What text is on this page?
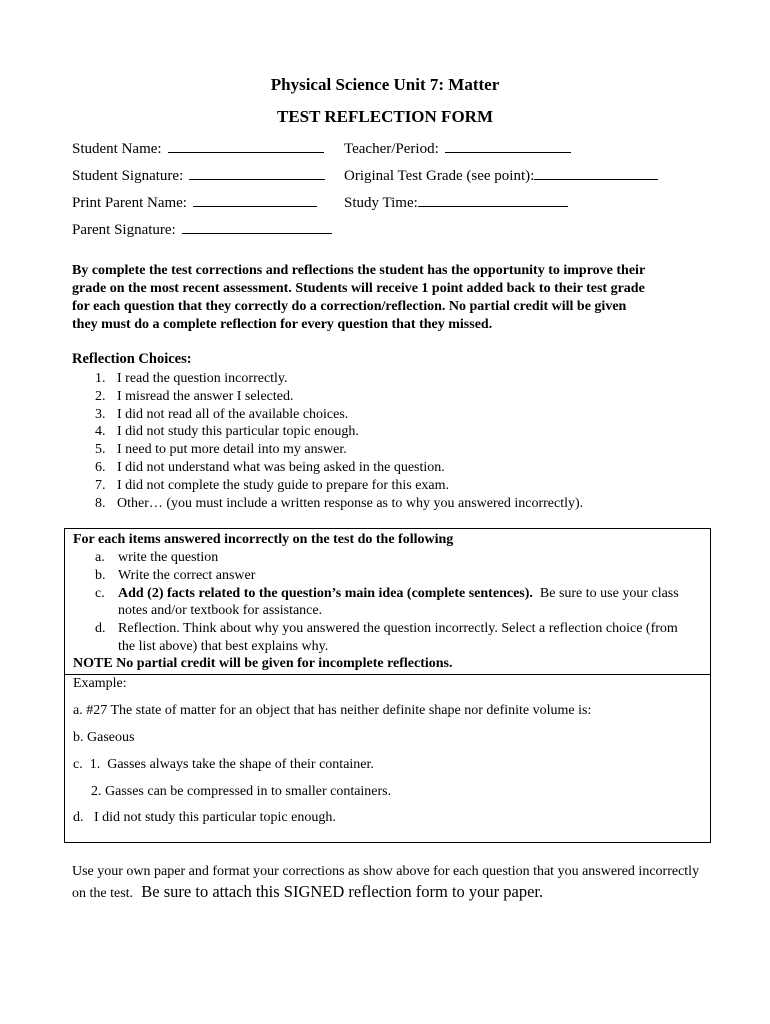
Physical Science Unit 7: Matter
TEST REFLECTION FORM
Student Name:	Teacher/Period:
Student Signature:	Original Test Grade (see point):
Print Parent Name:	Study Time:
Parent Signature:

By complete the test corrections and reflections the student has the opportunity to improve their

grade on the most recent assessment. Students will receive 1 point added back to their test grade

for each question that they correctly do a correction/reflection. No partial credit will be given

they must do a complete reflection for every question that they missed.

Reflection Choices:
1. I read the question incorrectly.
2. I misread the answer I selected.
3. I did not read all of the available choices.
4. I did not study this particular topic enough.
5. I need to put more detail into my answer.
6. I did not understand what was being asked in the question.
7. I did not complete the study guide to prepare for this exam.
8. Other… (you must include a written response as to why you answered incorrectly).
For each items answered incorrectly on the test do the following
a. write the question
b. Write the correct answer
c. Add (2) facts related to the question’s main idea (complete sentences).  Be sure to use your class notes and/or textbook for assistance.
d. Reflection. Think about why you answered the question incorrectly. Select a reflection choice (from the list above) that best explains why.
NOTE No partial credit will be given for incomplete reflections.
Example:
a. #27 The state of matter for an object that has neither definite shape nor definite volume is:
b. Gaseous
c.  1.  Gasses always take the shape of their container.
2. Gasses can be compressed in to smaller containers.
d.   I did not study this particular topic enough.
Use your own paper and format your corrections as show above for each question that you answered incorrectly on the test.  Be sure to attach this SIGNED reflection form to your paper.
